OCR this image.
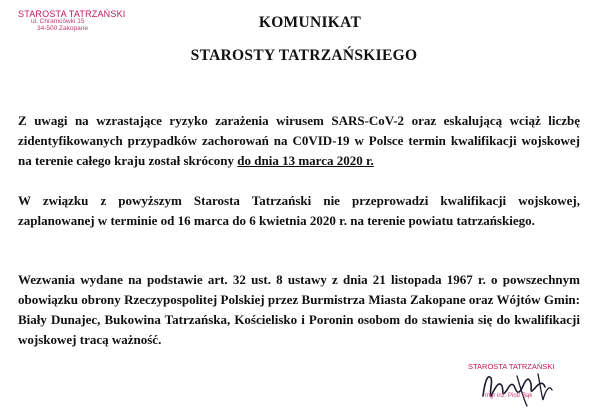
STAROSTA TATRZAŃSKI
ul. Chramcówki 15
34-500 Zakopane	KOMUNIKAT
STAROSTY TATRZAŃSKIEGO
Z uwagi na wzrastające ryzyko zarażenia wirusem SARS-CoV-2 oraz eskalującą wciąż liczbę zidentyfikowanych przypadków zachorowań na C0VID-19 w Polsce termin kwalifikacji wojskowej na terenie całego kraju został skrócony do dnia 13 marca 2020 r.
W związku z powyższym Starosta Tatrzański nie przeprowadzi kwalifikacji wojskowej, zaplanowanej w terminie od 16 marca do 6 kwietnia 2020 r. na terenie powiatu tatrzańskiego.
Wezwania wydane na podstawie art. 32 ust. 8 ustawy z dnia 21 listopada 1967 r. o powszechnym obowiązku obrony Rzeczypospolitej Polskiej przez Burmistrza Miasta Zakopane oraz Wójtów Gmin: Biały Dunajec, Bukowina Tatrzańska, Kościelisko i Poronin osobom do stawienia się do kwalifikacji wojskowej tracą ważność.
STAROSTA TATRZAŃSKI
mgr inż. Piotr Bąk
